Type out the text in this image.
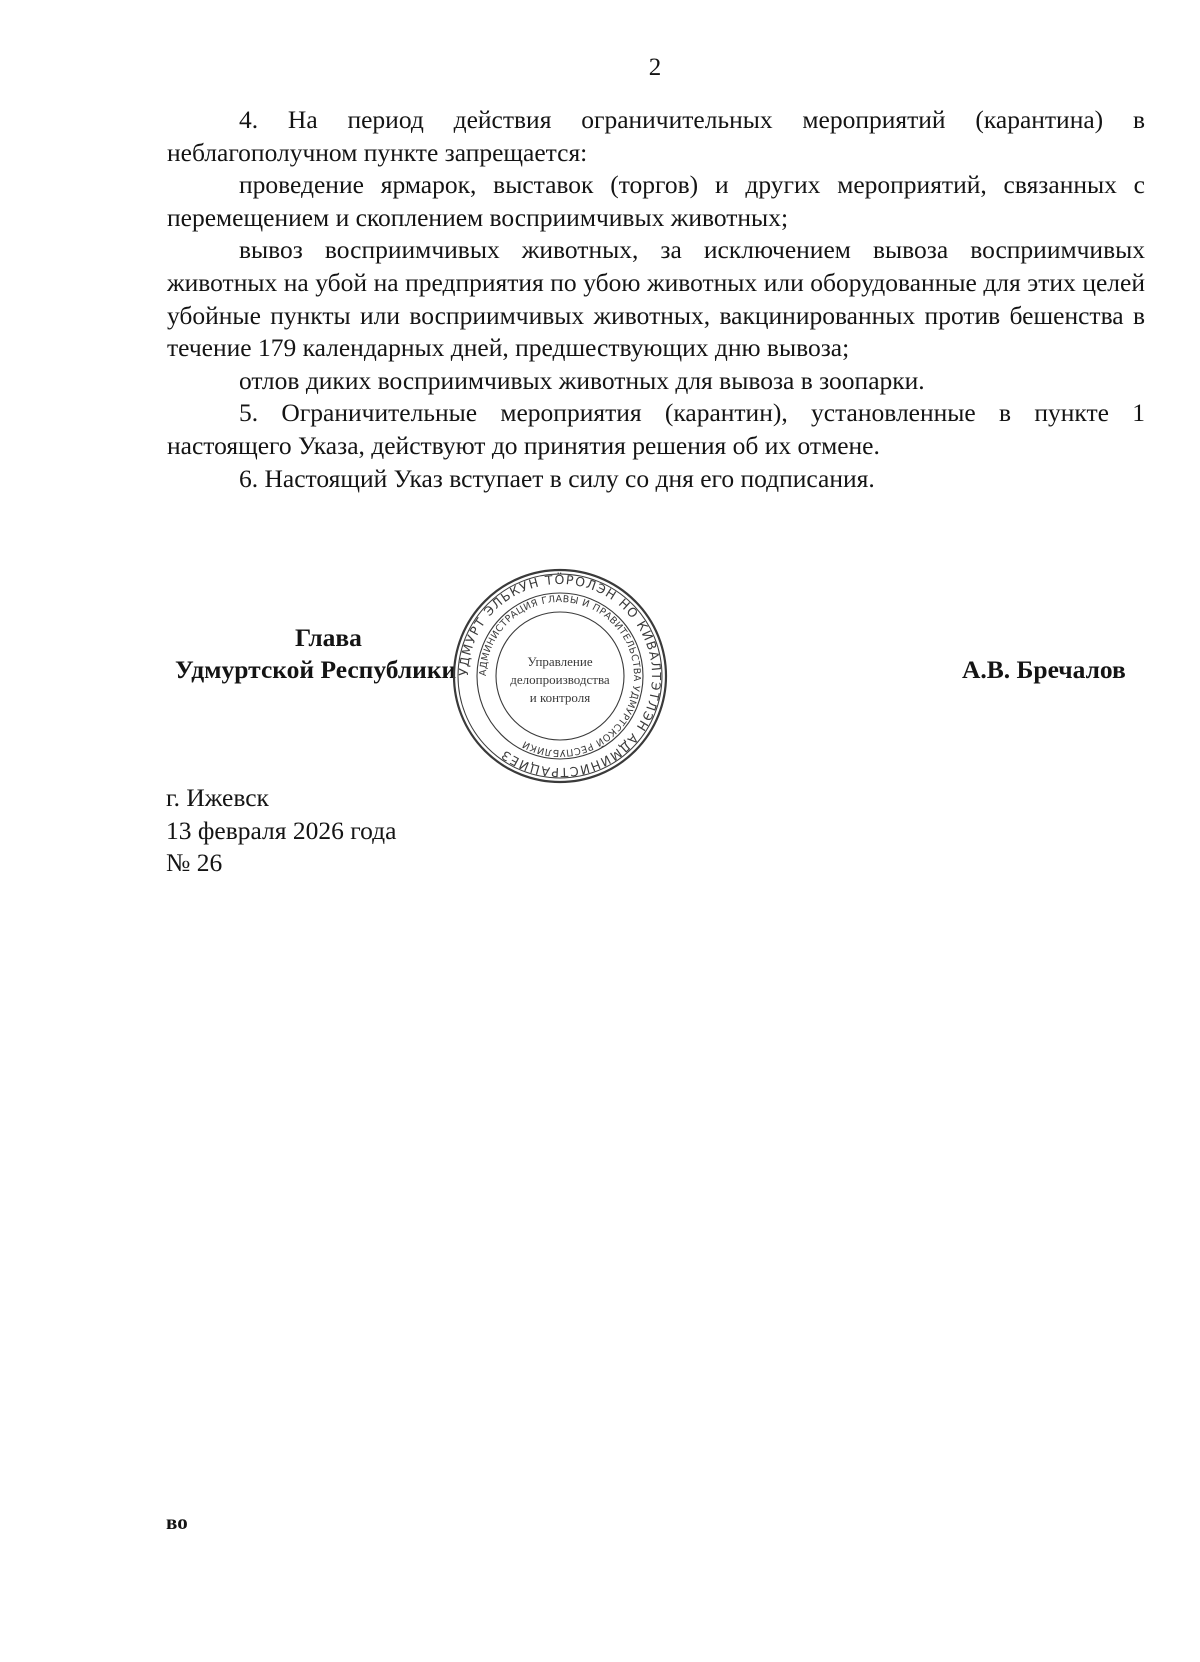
2

4. На период действия ограничительных мероприятий (карантина) в неблагополучном пункте запрещается:

проведение ярмарок, выставок (торгов) и других мероприятий, связанных с перемещением и скоплением восприимчивых животных;

вывоз восприимчивых животных, за исключением вывоза восприимчивых животных на убой на предприятия по убою животных или оборудованные для этих целей убойные пункты или восприимчивых животных, вакцинированных против бешенства в течение 179 календарных дней, предшествующих дню вывоза;

отлов диких восприимчивых животных для вывоза в зоопарки.

5. Ограничительные мероприятия (карантин), установленные в пункте 1 настоящего Указа, действуют до принятия решения об их отмене.

6. Настоящий Указ вступает в силу со дня его подписания.

Глава
Удмуртской Республики	А.В. Бречалов
УДМУРТ ЭЛЬКУН ТӦРОЛЭН НО КИВАЛТЭТЛЭН АДМИНИСТРАЦИЕЗ
АДМИНИСТРАЦИЯ ГЛАВЫ И ПРАВИТЕЛЬСТВА УДМУРТСКОЙ РЕСПУБЛИКИ
Управление
делопроизводства
и контроля
г. Ижевск
13 февраля 2026 года
№ 26
во
